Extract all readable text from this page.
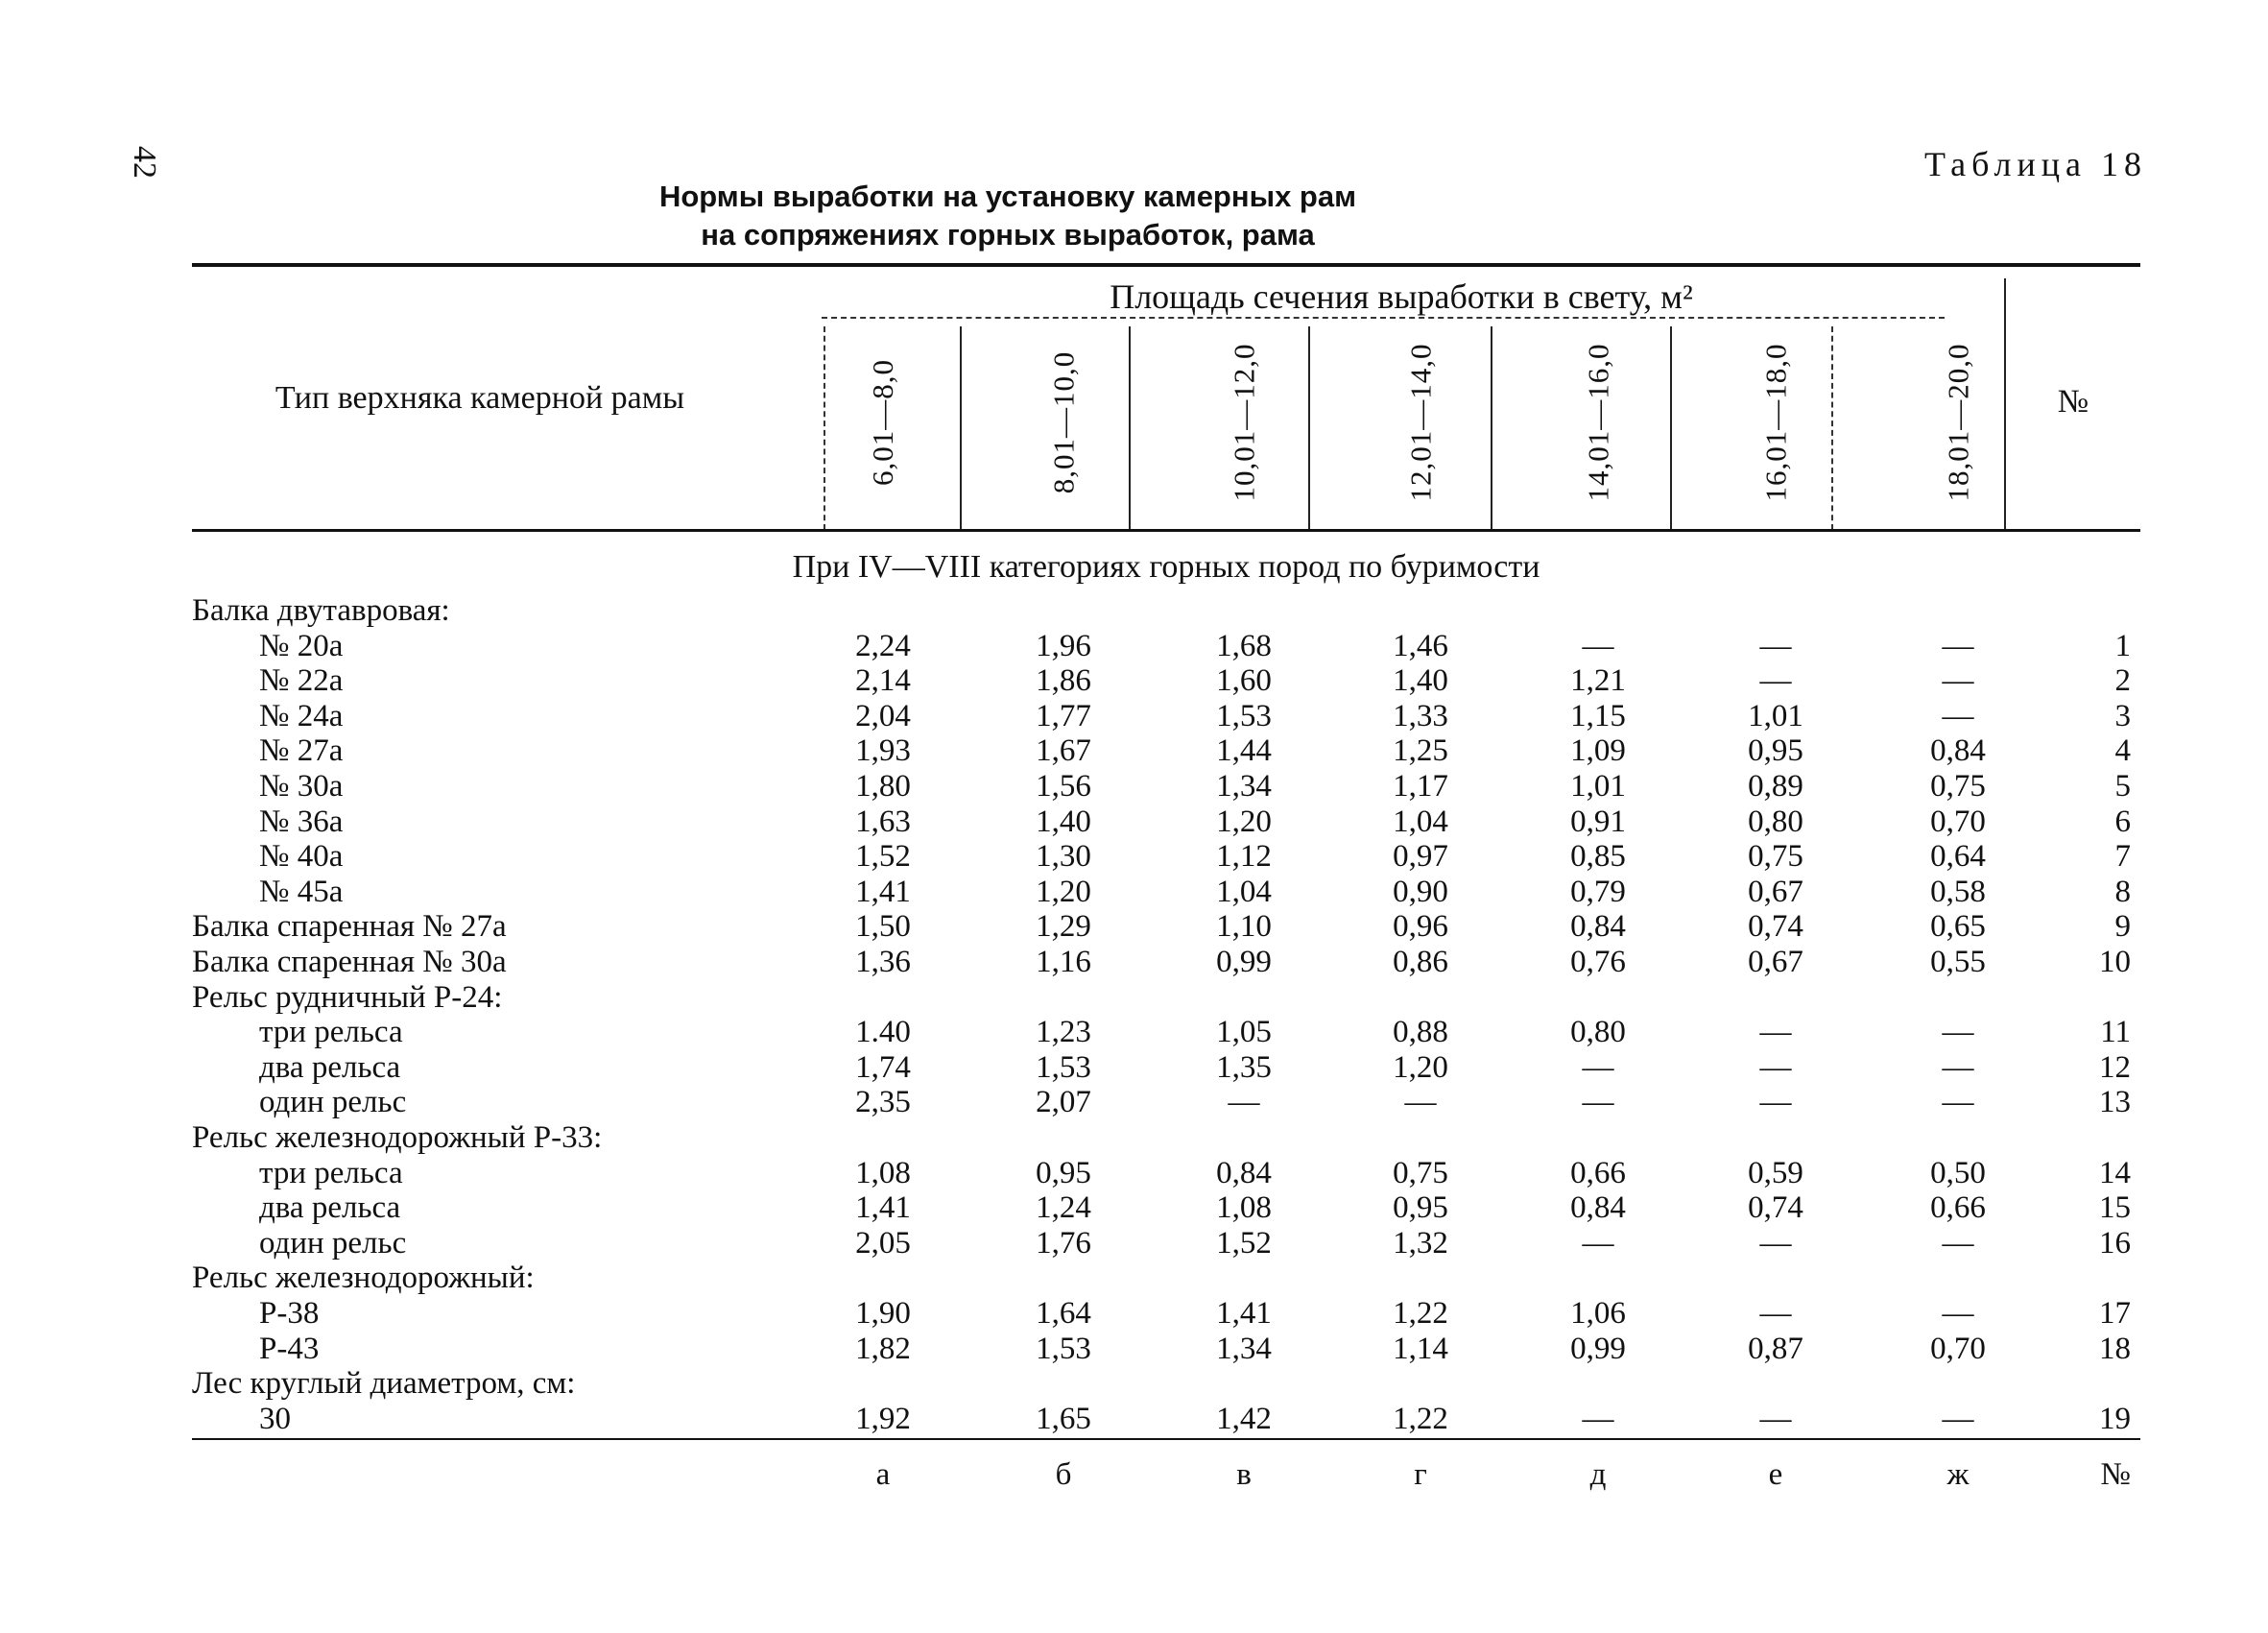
42	Таблица 18
Нормы выработки на установку камерных рам
на сопряжениях горных выработок, рама
Тип верхняка камерной рамы
Площадь сечения выработки в свету, м²
№
6,01—8,0	8,01—10,0	10,01—12,0	12,01—14,0	14,01—16,0	16,01—18,0	18,01—20,0
При IV—VIII категориях горных пород по буримости
Балка двутавровая:
№ 20а	2,24	1,96	1,68	1,46	—	—	—	1
№ 22а	2,14	1,86	1,60	1,40	1,21	—	—	2
№ 24а	2,04	1,77	1,53	1,33	1,15	1,01	—	3
№ 27а	1,93	1,67	1,44	1,25	1,09	0,95	0,84	4
№ 30а	1,80	1,56	1,34	1,17	1,01	0,89	0,75	5
№ 36а	1,63	1,40	1,20	1,04	0,91	0,80	0,70	6
№ 40а	1,52	1,30	1,12	0,97	0,85	0,75	0,64	7
№ 45а	1,41	1,20	1,04	0,90	0,79	0,67	0,58	8
Балка спаренная № 27а	1,50	1,29	1,10	0,96	0,84	0,74	0,65	9
Балка спаренная № 30а	1,36	1,16	0,99	0,86	0,76	0,67	0,55	10
Рельс рудничный Р-24:
три рельса	1.40	1,23	1,05	0,88	0,80	—	—	11
два рельса	1,74	1,53	1,35	1,20	—	—	—	12
один рельс	2,35	2,07	—	—	—	—	—	13
Рельс железнодорожный Р-33:
три рельса	1,08	0,95	0,84	0,75	0,66	0,59	0,50	14
два рельса	1,41	1,24	1,08	0,95	0,84	0,74	0,66	15
один рельс	2,05	1,76	1,52	1,32	—	—	—	16
Рельс железнодорожный:
Р-38	1,90	1,64	1,41	1,22	1,06	—	—	17
Р-43	1,82	1,53	1,34	1,14	0,99	0,87	0,70	18
Лес круглый диаметром, см:
30	1,92	1,65	1,42	1,22	—	—	—	19
а	б	в	г	д	е	ж	№
